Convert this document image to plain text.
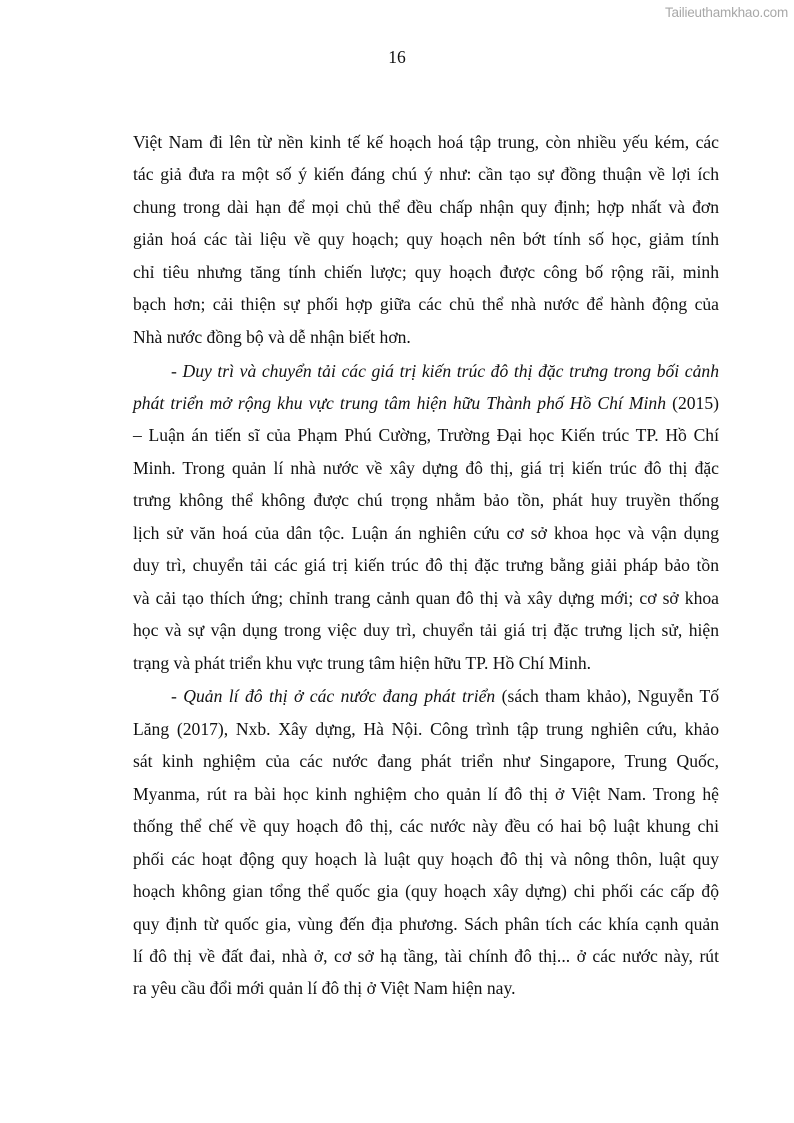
Tailieuthamkhao.com
16
Việt Nam đi lên từ nền kinh tế kế hoạch hoá tập trung, còn nhiều yếu kém, các
tác giả đưa ra một số ý kiến đáng chú ý như: cần tạo sự đồng thuận về lợi ích
chung trong dài hạn để mọi chủ thể đều chấp nhận quy định; hợp nhất và đơn
giản hoá các tài liệu về quy hoạch; quy hoạch nên bớt tính số học, giảm tính
chỉ tiêu nhưng tăng tính chiến lược; quy hoạch được công bố rộng rãi, minh
bạch hơn; cải thiện sự phối hợp giữa các chủ thể nhà nước để hành động của
Nhà nước đồng bộ và dễ nhận biết hơn.
- Duy trì và chuyển tải các giá trị kiến trúc đô thị đặc trưng trong bối cảnh
phát triển mở rộng khu vực trung tâm hiện hữu Thành phố Hồ Chí Minh (2015)
– Luận án tiến sĩ của Phạm Phú Cường, Trường Đại học Kiến trúc TP. Hồ Chí
Minh. Trong quản lí nhà nước về xây dựng đô thị, giá trị kiến trúc đô thị đặc
trưng không thể không được chú trọng nhằm bảo tồn, phát huy truyền thống
lịch sử văn hoá của dân tộc. Luận án nghiên cứu cơ sở khoa học và vận dụng
duy trì, chuyển tải các giá trị kiến trúc đô thị đặc trưng bằng giải pháp bảo tồn
và cải tạo thích ứng; chỉnh trang cảnh quan đô thị và xây dựng mới; cơ sở khoa
học và sự vận dụng trong việc duy trì, chuyển tải giá trị đặc trưng lịch sử, hiện
trạng và phát triển khu vực trung tâm hiện hữu TP. Hồ Chí Minh.
- Quản lí đô thị ở các nước đang phát triển (sách tham khảo), Nguyễn Tố
Lăng (2017), Nxb. Xây dựng, Hà Nội. Công trình tập trung nghiên cứu, khảo
sát kinh nghiệm của các nước đang phát triển như Singapore, Trung Quốc,
Myanma, rút ra bài học kinh nghiệm cho quản lí đô thị ở Việt Nam. Trong hệ
thống thể chế về quy hoạch đô thị, các nước này đều có hai bộ luật khung chi
phối các hoạt động quy hoạch là luật quy hoạch đô thị và nông thôn, luật quy
hoạch không gian tổng thể quốc gia (quy hoạch xây dựng) chi phối các cấp độ
quy định từ quốc gia, vùng đến địa phương. Sách phân tích các khía cạnh quản
lí đô thị về đất đai, nhà ở, cơ sở hạ tầng, tài chính đô thị... ở các nước này, rút
ra yêu cầu đổi mới quản lí đô thị ở Việt Nam hiện nay.
